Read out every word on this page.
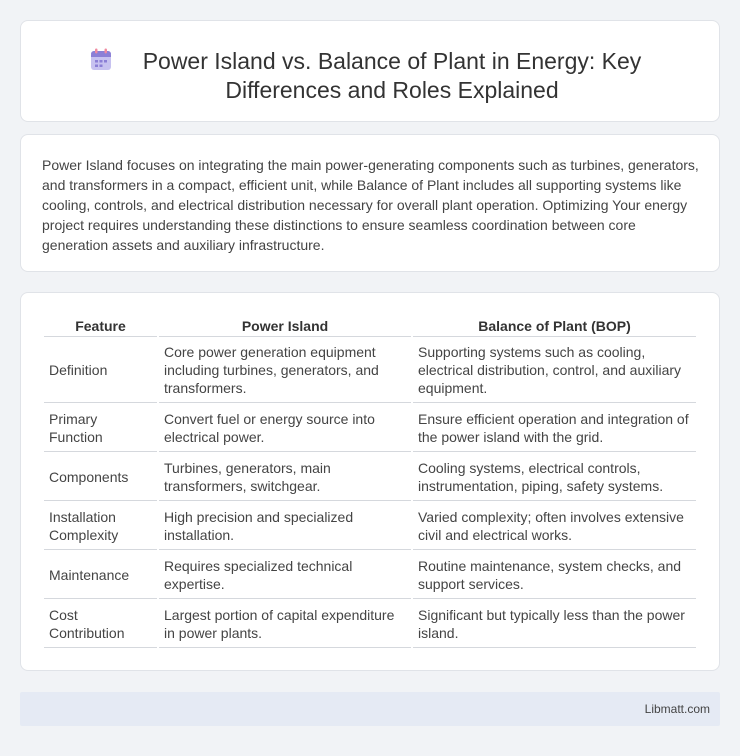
Power Island vs. Balance of Plant in Energy: Key Differences and Roles Explained

Power Island focuses on integrating the main power-generating components such as turbines, generators, and transformers in a compact, efficient unit, while Balance of Plant includes all supporting systems like cooling, controls, and electrical distribution necessary for overall plant operation. Optimizing Your energy project requires understanding these distinctions to ensure seamless coordination between core generation assets and auxiliary infrastructure.

Feature	Power Island	Balance of Plant (BOP)
Definition	Core power generation equipment including turbines, generators, and transformers.	Supporting systems such as cooling, electrical distribution, control, and auxiliary equipment.
Primary Function	Convert fuel or energy source into electrical power.	Ensure efficient operation and integration of the power island with the grid.
Components	Turbines, generators, main transformers, switchgear.	Cooling systems, electrical controls, instrumentation, piping, safety systems.
Installation Complexity	High precision and specialized installation.	Varied complexity; often involves extensive civil and electrical works.
Maintenance	Requires specialized technical expertise.	Routine maintenance, system checks, and support services.
Cost Contribution	Largest portion of capital expenditure in power plants.	Significant but typically less than the power island.
Libmatt.com
